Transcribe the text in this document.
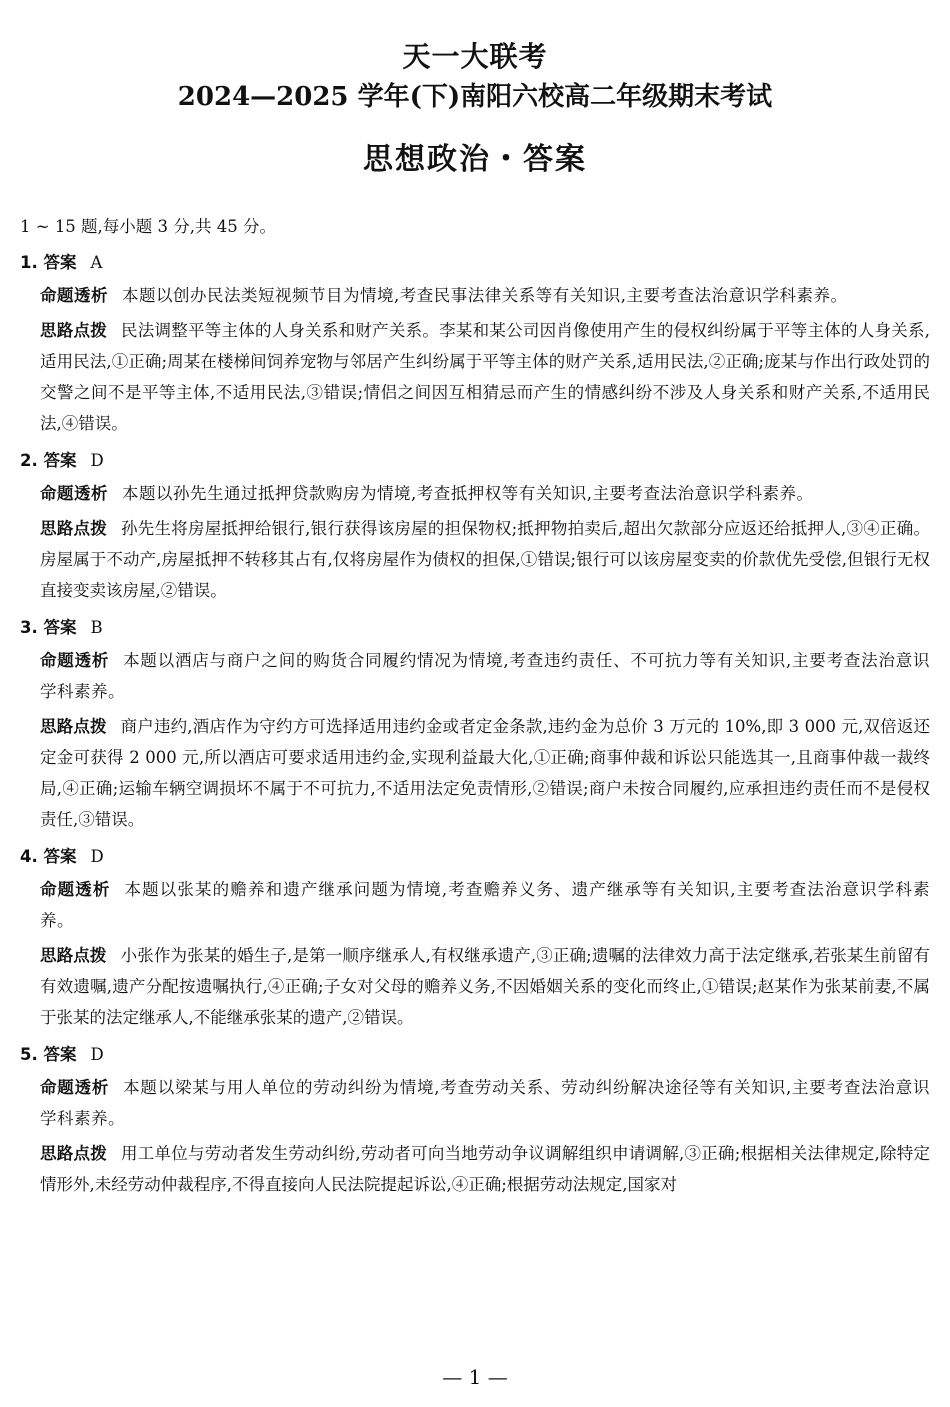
天一大联考
2024—2025 学年(下)南阳六校高二年级期末考试
思想政治・答案
1 ~ 15 题,每小题 3 分,共 45 分。
1. 答案 A
命题透析 本题以创办民法类短视频节目为情境,考查民事法律关系等有关知识,主要考查法治意识学科素养。
思路点拨 民法调整平等主体的人身关系和财产关系。李某和某公司因肖像使用产生的侵权纠纷属于平等主体的人身关系,适用民法,①正确;周某在楼梯间饲养宠物与邻居产生纠纷属于平等主体的财产关系,适用民法,②正确;庞某与作出行政处罚的交警之间不是平等主体,不适用民法,③错误;情侣之间因互相猜忌而产生的情感纠纷不涉及人身关系和财产关系,不适用民法,④错误。
2. 答案 D
命题透析 本题以孙先生通过抵押贷款购房为情境,考查抵押权等有关知识,主要考查法治意识学科素养。
思路点拨 孙先生将房屋抵押给银行,银行获得该房屋的担保物权;抵押物拍卖后,超出欠款部分应返还给抵押人,③④正确。房屋属于不动产,房屋抵押不转移其占有,仅将房屋作为债权的担保,①错误;银行可以该房屋变卖的价款优先受偿,但银行无权直接变卖该房屋,②错误。
3. 答案 B
命题透析 本题以酒店与商户之间的购货合同履约情况为情境,考查违约责任、不可抗力等有关知识,主要考查法治意识学科素养。
思路点拨 商户违约,酒店作为守约方可选择适用违约金或者定金条款,违约金为总价 3 万元的 10%,即 3 000 元,双倍返还定金可获得 2 000 元,所以酒店可要求适用违约金,实现利益最大化,①正确;商事仲裁和诉讼只能选其一,且商事仲裁一裁终局,④正确;运输车辆空调损坏不属于不可抗力,不适用法定免责情形,②错误;商户未按合同履约,应承担违约责任而不是侵权责任,③错误。
4. 答案 D
命题透析 本题以张某的赡养和遗产继承问题为情境,考查赡养义务、遗产继承等有关知识,主要考查法治意识学科素养。
思路点拨 小张作为张某的婚生子,是第一顺序继承人,有权继承遗产,③正确;遗嘱的法律效力高于法定继承,若张某生前留有有效遗嘱,遗产分配按遗嘱执行,④正确;子女对父母的赡养义务,不因婚姻关系的变化而终止,①错误;赵某作为张某前妻,不属于张某的法定继承人,不能继承张某的遗产,②错误。
5. 答案 D
命题透析 本题以梁某与用人单位的劳动纠纷为情境,考查劳动关系、劳动纠纷解决途径等有关知识,主要考查法治意识学科素养。
思路点拨 用工单位与劳动者发生劳动纠纷,劳动者可向当地劳动争议调解组织申请调解,③正确;根据相关法律规定,除特定情形外,未经劳动仲裁程序,不得直接向人民法院提起诉讼,④正确;根据劳动法规定,国家对
— 1 —
